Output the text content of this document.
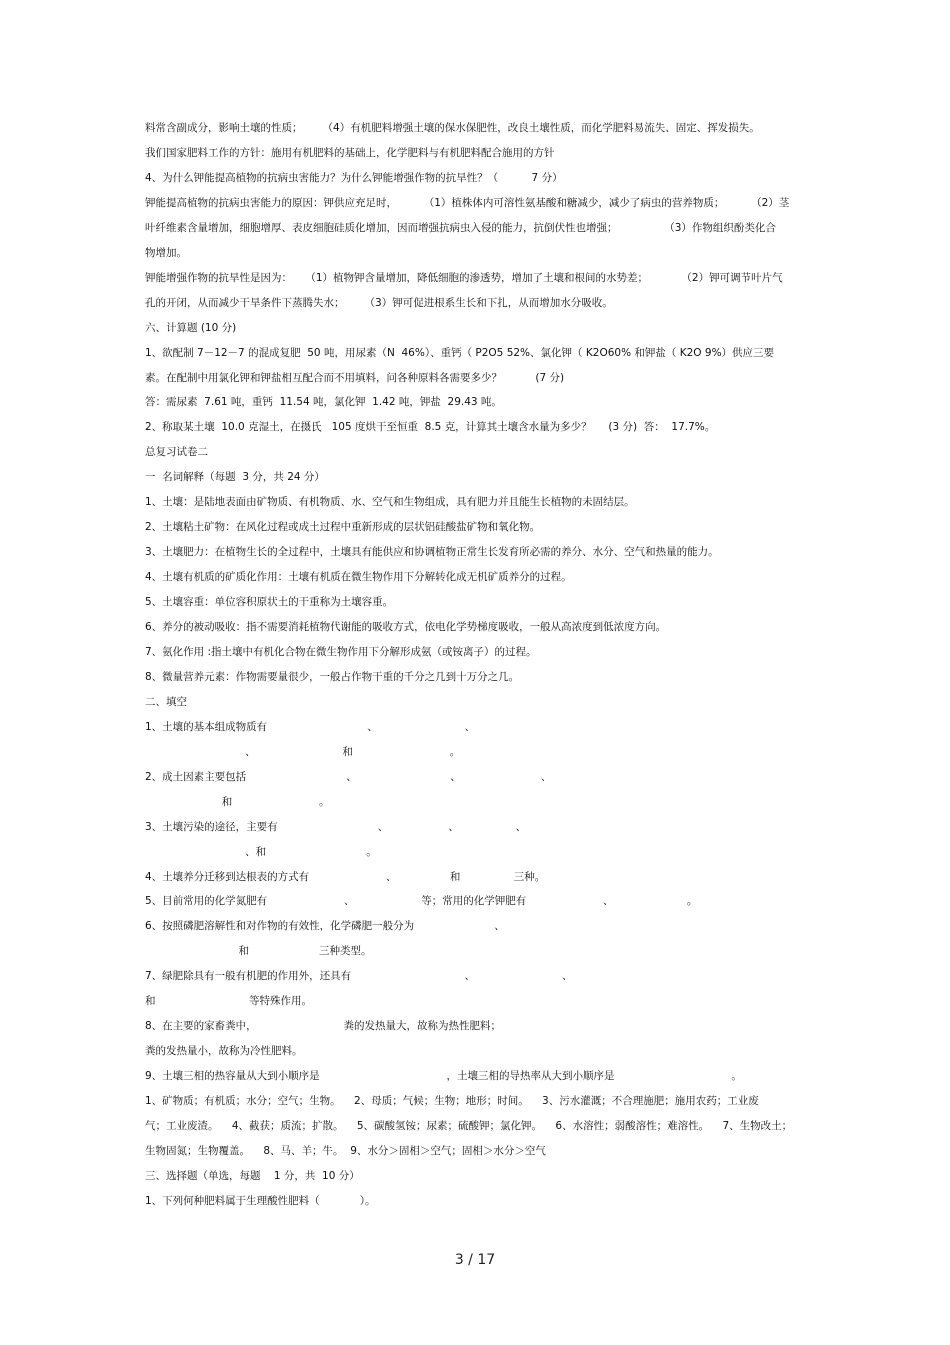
料常含副成分，影响土壤的性质；      （4）有机肥料增强土壤的保水保肥性，改良土壤性质，而化学肥料易流失、固定、挥发损失。

我们国家肥料工作的方针：施用有机肥料的基础上，化学肥料与有机肥料配合施用的方针

4、为什么钾能提高植物的抗病虫害能力？为什么钾能增强作物的抗旱性？（          7 分）

钾能提高植物的抗病虫害能力的原因：钾供应充足时，        （1）植株体内可溶性氨基酸和糖减少，减少了病虫的营养物质；        （2）茎

叶纤维素含量增加，细胞增厚、表皮细胞硅质化增加，因而增强抗病虫入侵的能力，抗倒伏性也增强；              （3）作物组织酚类化合

物增加。

钾能增强作物的抗旱性是因为：    （1）植物钾含量增加，降低细胞的渗透势，增加了土壤和根间的水势差；          （2）钾可调节叶片气

孔的开闭，从而减少干旱条件下蒸腾失水；      （3）钾可促进根系生长和下扎，从而增加水分吸收。

六、计算题 (10 分)

1、欲配制 7－12－7 的混成复肥  50 吨，用尿素（N  46%）、重钙（ P2O5 52%、氯化钾（ K2O60% 和钾盐（ K2O 9%）供应三要

素。在配制中用氯化钾和钾盐相互配合而不用填料，问各种原料各需要多少？          (7 分)

答：需尿素  7.61 吨，重钙  11.54 吨，氯化钾  1.42 吨，钾盐  29.43 吨。

2、称取某土壤  10.0 克湿土，在摄氏   105 度烘干至恒重  8.5 克，计算其土壤含水量为多少？     (3 分)  答：  17.7%。

总复习试卷二

一  名词解释（每题  3 分，共 24 分）

1、土壤：是陆地表面由矿物质、有机物质、水、空气和生物组成，具有肥力并且能生长植物的未固结层。

2、土壤粘土矿物：在风化过程或成土过程中重新形成的层状铝硅酸盐矿物和氧化物。

3、土壤肥力：在植物生长的全过程中，土壤具有能供应和协调植物正常生长发育所必需的养分、水分、空气和热量的能力。

4、土壤有机质的矿质化作用：土壤有机质在微生物作用下分解转化成无机矿质养分的过程。

5、土壤容重：单位容积原状土的干重称为土壤容重。

6、养分的被动吸收：指不需要消耗植物代谢能的吸收方式，依电化学势梯度吸收，一般从高浓度到低浓度方向。

7、氨化作用 :指土壤中有机化合物在微生物作用下分解形成氨（或铵离子）的过程。

8、微量营养元素：作物需要量很少，一般占作物干重的千分之几到十万分之几。

二、填空

1、土壤的基本组成物质有                              、                          、

、                          和                             。

2、成土因素主要包括                              、                            、                        、

和                          。

3、土壤污染的途径，主要有                              、                  、                 、

、和                              。

4、土壤养分迁移到达根表的方式有                       、                和                三种。

5、目前常用的化学氮肥有                       、                    等；常用的化学钾肥有                       、                      。

6、按照磷肥溶解性和对作物的有效性，化学磷肥一般分为                        、

和                     三种类型。

7、绿肥除具有一般有机肥的作用外，还具有                                  、                          、

和                            等特殊作用。

8、在主要的家畜粪中，                          粪的发热量大，故称为热性肥料；

粪的发热量小，故称为冷性肥料。

9、土壤三相的热容量从大到小顺序是                                      ，土壤三相的导热率从大到小顺序是                                   。

1、矿物质；有机质；水分；空气；生物。    2、母质；气候；生物；地形；时间。    3、污水灌溉；不合理施肥；施用农药；工业废

气；工业废渣。    4、截获；质流；扩散。    5、碳酸氢铵；尿素；硫酸钾；氯化钾。    6、水溶性；弱酸溶性；难溶性。    7、生物改土；

生物固氮；生物覆盖。    8、马、羊；牛。  9、水分＞固相＞空气；固相＞水分＞空气

三、选择题（单选，每题    1 分，共  10 分）

1、下列何种肥料属于生理酸性肥料（            ）。

3 / 17
